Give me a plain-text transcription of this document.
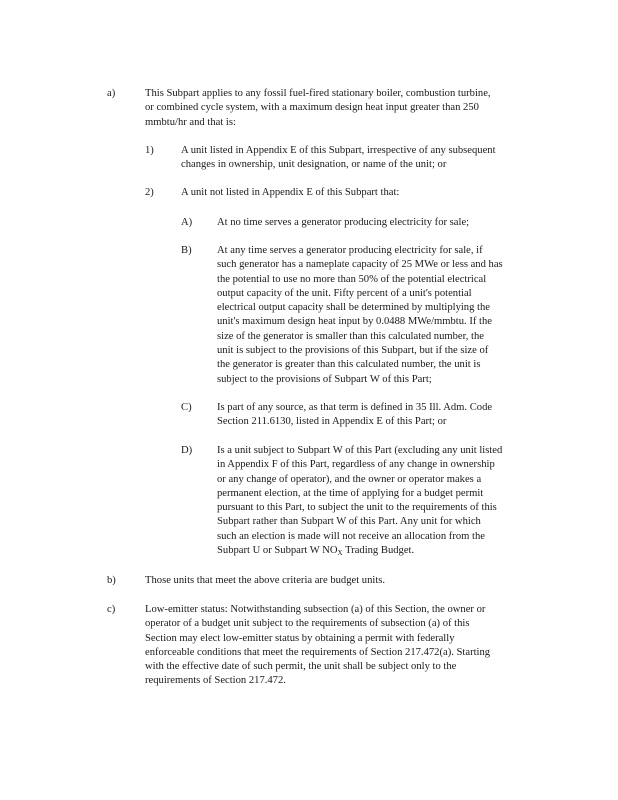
a)	This Subpart applies to any fossil fuel-fired stationary boiler, combustion turbine,
or combined cycle system, with a maximum design heat input greater than 250
mmbtu/hr and that is:
1)	A unit listed in Appendix E of this Subpart, irrespective of any subsequent
changes in ownership, unit designation, or name of the unit; or
2)	A unit not listed in Appendix E of this Subpart that:
A) At no time serves a generator producing electricity for sale;
B) At any time serves a generator producing electricity for sale, if
such generator has a nameplate capacity of 25 MWe or less and has
the potential to use no more than 50% of the potential electrical
output capacity of the unit. Fifty percent of a unit's potential
electrical output capacity shall be determined by multiplying the
unit's maximum design heat input by 0.0488 MWe/mmbtu. If the
size of the generator is smaller than this calculated number, the
unit is subject to the provisions of this Subpart, but if the size of
the generator is greater than this calculated number, the unit is
subject to the provisions of Subpart W of this Part;
C) Is part of any source, as that term is defined in 35 Ill. Adm. Code
Section 211.6130, listed in Appendix E of this Part; or
D) Is a unit subject to Subpart W of this Part (excluding any unit listed
in Appendix F of this Part, regardless of any change in ownership
or any change of operator), and the owner or operator makes a
permanent election, at the time of applying for a budget permit
pursuant to this Part, to subject the unit to the requirements of this
Subpart rather than Subpart W of this Part. Any unit for which
such an election is made will not receive an allocation from the
Subpart U or Subpart W $NO_X$ Trading Budget.
b)	Those units that meet the above criteria are budget units.
c)	Low-emitter status: Notwithstanding subsection (a) of this Section, the owner or
operator of a budget unit subject to the requirements of subsection (a) of this
Section may elect low-emitter status by obtaining a permit with federally
enforceable conditions that meet the requirements of Section 217.472(a). Starting
with the effective date of such permit, the unit shall be subject only to the
requirements of Section 217.472.
